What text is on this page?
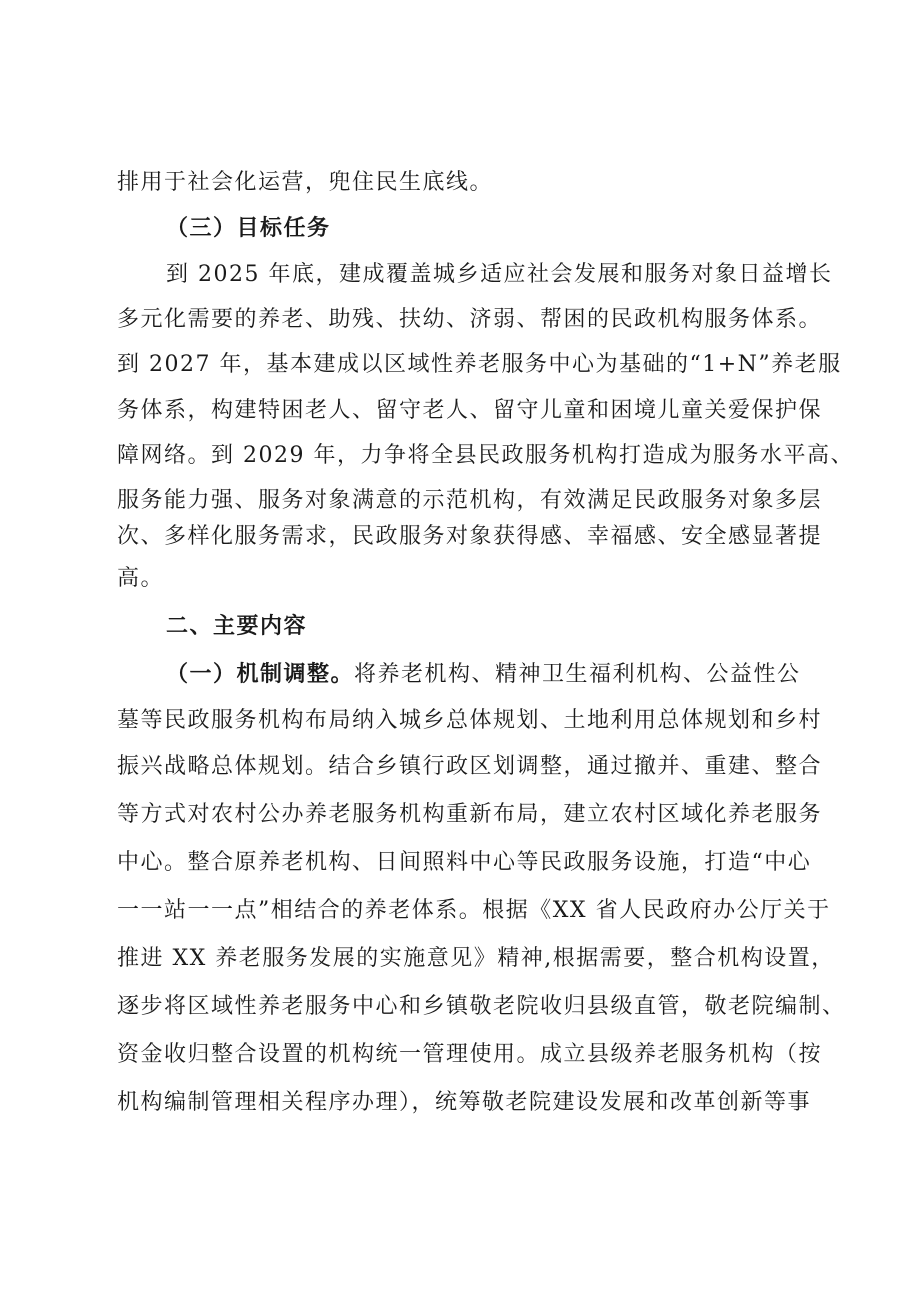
排用于社会化运营，兜住民生底线。
（三）目标任务
到 2025 年底，建成覆盖城乡适应社会发展和服务对象日益增长
多元化需要的养老、助残、扶幼、济弱、帮困的民政机构服务体系。
到 2027 年，基本建成以区域性养老服务中心为基础的“1+N”养老服
务体系，构建特困老人、留守老人、留守儿童和困境儿童关爱保护保
障网络。到 2029 年，力争将全县民政服务机构打造成为服务水平高、
服务能力强、服务对象满意的示范机构，有效满足民政服务对象多层
次、多样化服务需求，民政服务对象获得感、幸福感、安全感显著提
高。
二、主要内容
（一）机制调整。将养老机构、精神卫生福利机构、公益性公
墓等民政服务机构布局纳入城乡总体规划、土地利用总体规划和乡村
振兴战略总体规划。结合乡镇行政区划调整，通过撤并、重建、整合
等方式对农村公办养老服务机构重新布局，建立农村区域化养老服务
中心。整合原养老机构、日间照料中心等民政服务设施，打造“中心
一一站一一点”相结合的养老体系。根据《XX 省人民政府办公厅关于
推进 XX 养老服务发展的实施意见》精神,根据需要，整合机构设置，
逐步将区域性养老服务中心和乡镇敬老院收归县级直管，敬老院编制、
资金收归整合设置的机构统一管理使用。成立县级养老服务机构（按
机构编制管理相关程序办理），统筹敬老院建设发展和改革创新等事
